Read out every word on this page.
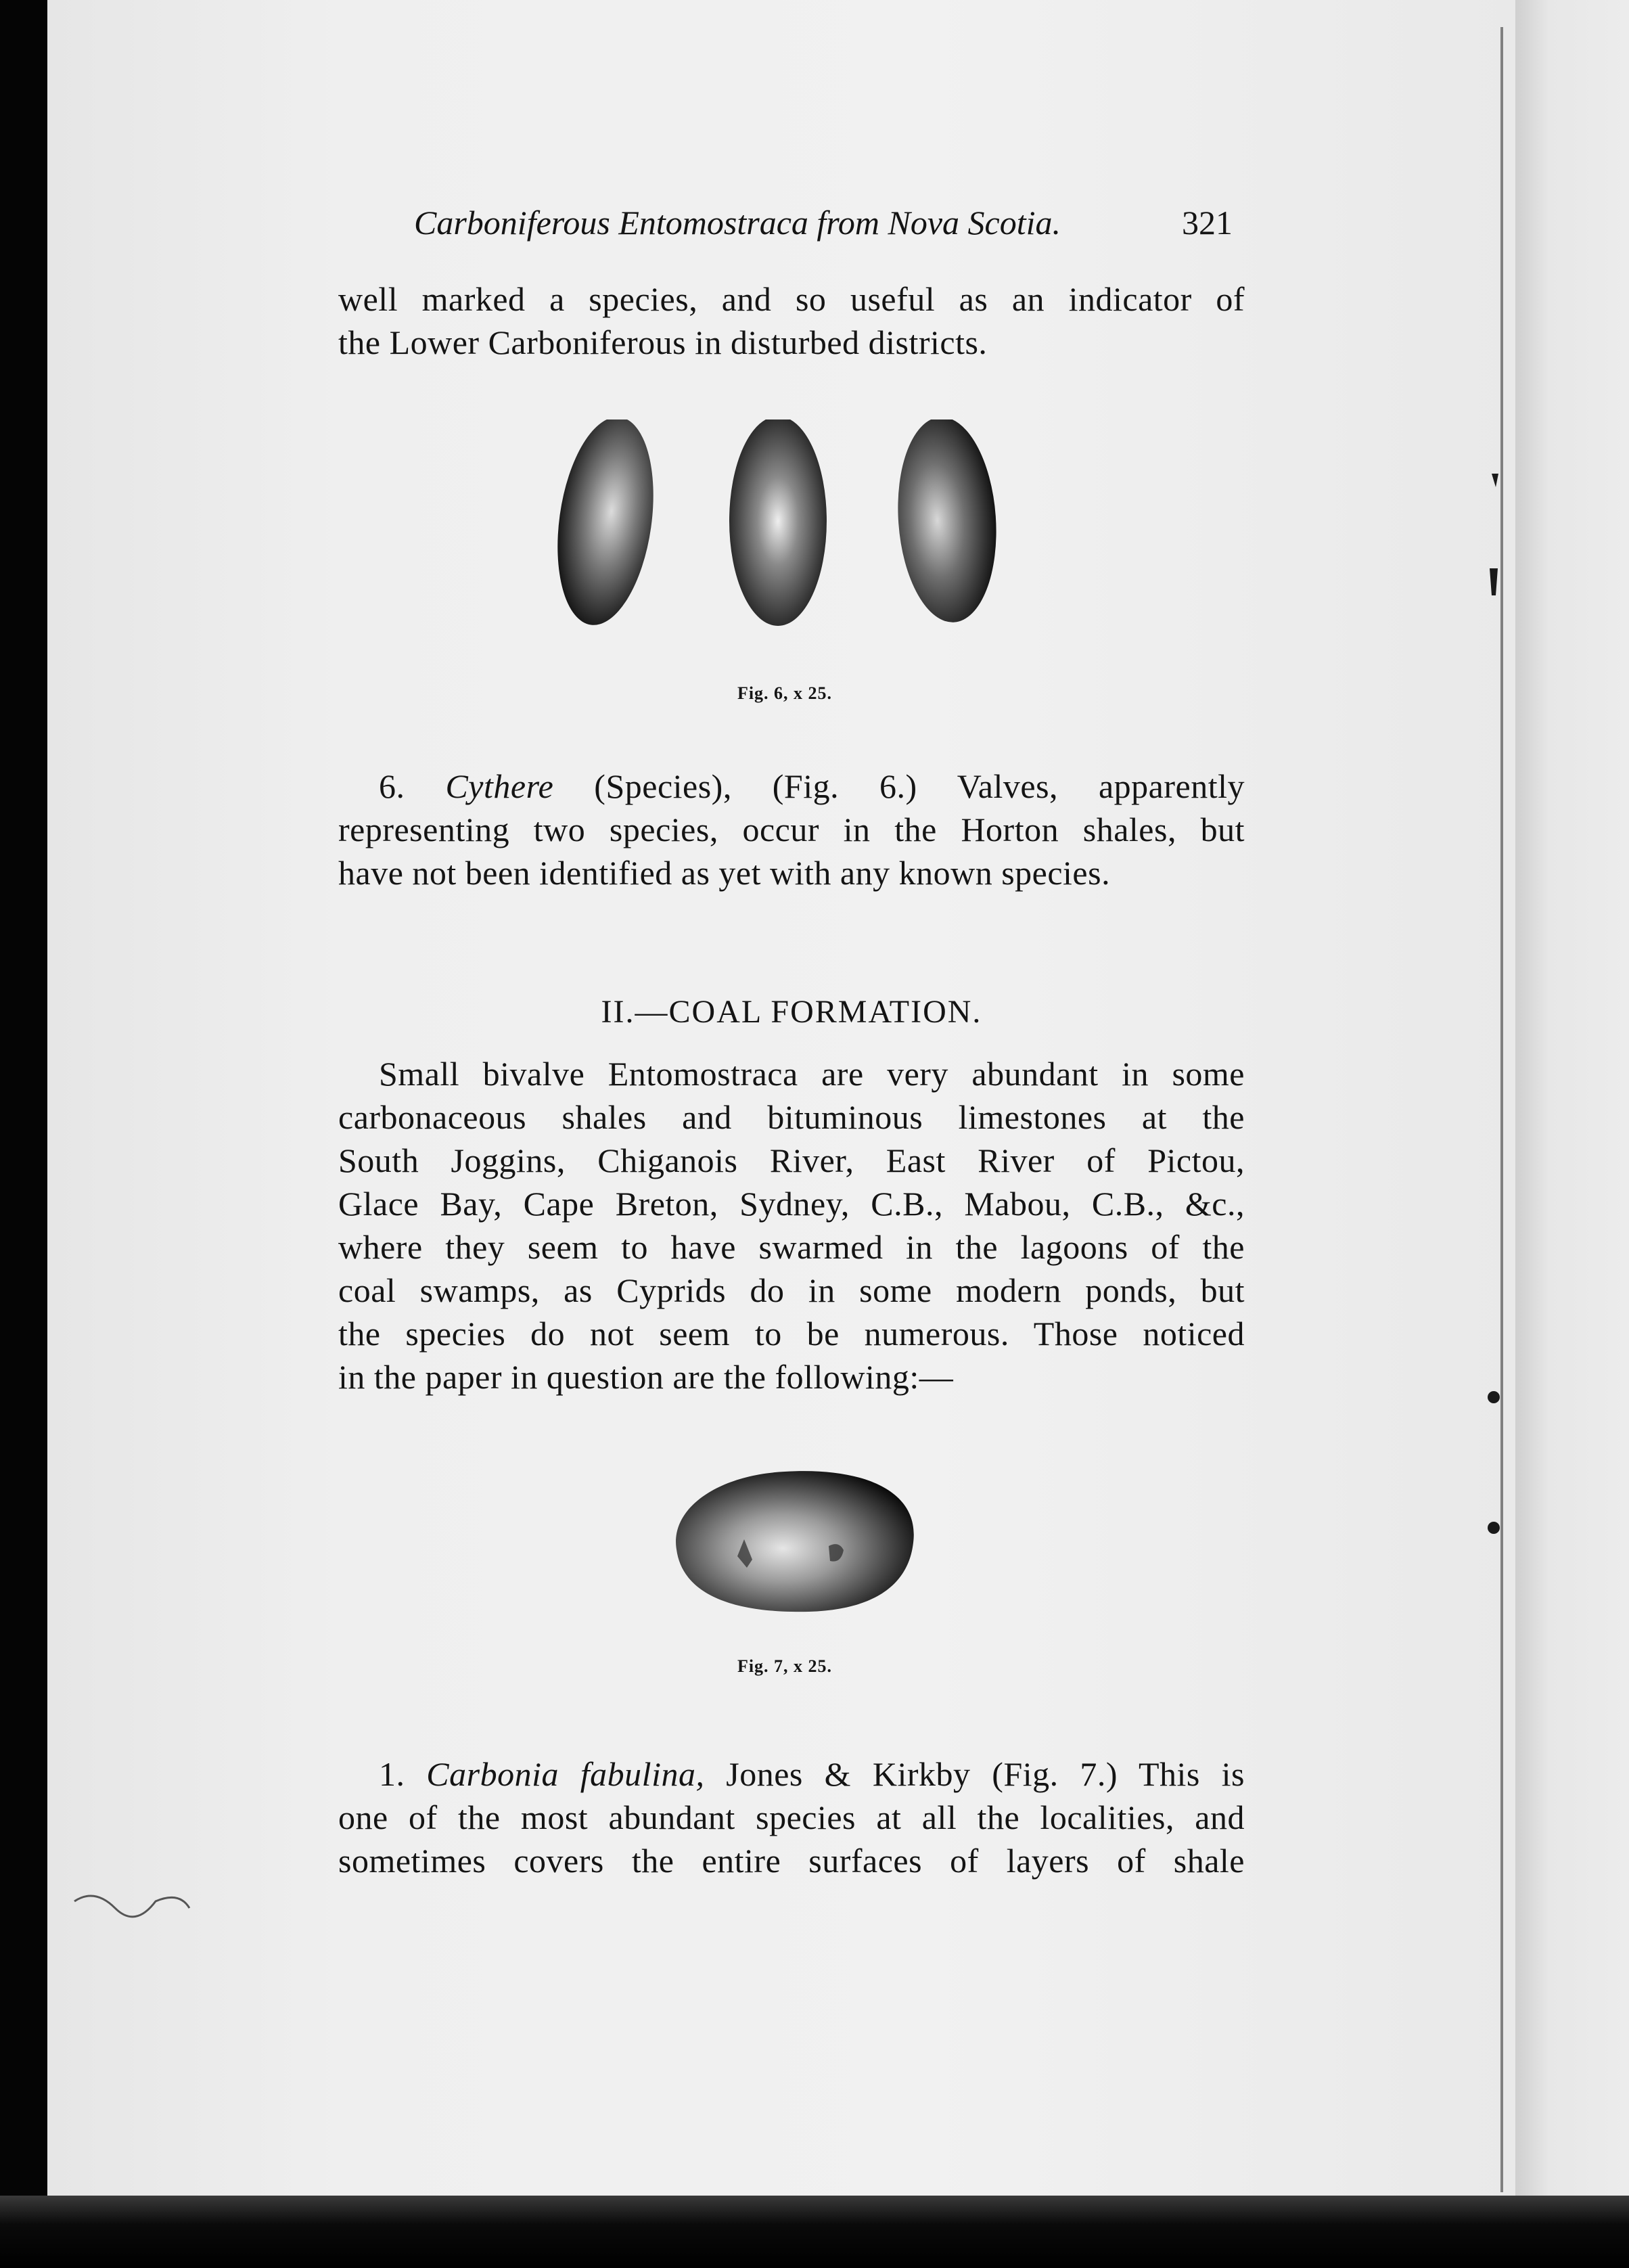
Carboniferous Entomostraca from Nova Scotia.	321
well marked a species, and so useful as an indicator of
the Lower Carboniferous in disturbed districts.
Fig. 6, x 25.
6. Cythere (Species), (Fig. 6.) Valves, apparently
representing two species, occur in the Horton shales, but
have not been identified as yet with any known species.
II.—COAL FORMATION.
Small bivalve Entomostraca are very abundant in some
carbonaceous shales and bituminous limestones at the
South Joggins, Chiganois River, East River of Pictou,
Glace Bay, Cape Breton, Sydney, C.B., Mabou, C.B., &c.,
where they seem to have swarmed in the lagoons of the
coal swamps, as Cyprids do in some modern ponds, but
the species do not seem to be numerous. Those noticed
in the paper in question are the following:—
Fig. 7, x 25.
1. Carbonia fabulina, Jones & Kirkby (Fig. 7.) This is
one of the most abundant species at all the localities, and
sometimes covers the entire surfaces of layers of shale
